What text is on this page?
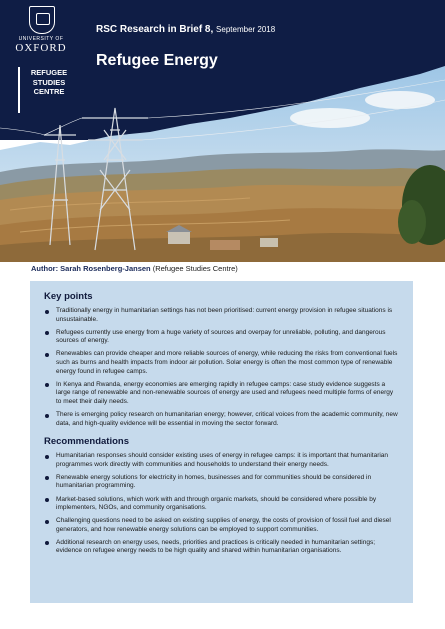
UNIVERSITY OF
OXFORD
REFUGEE
STUDIES
CENTRE
RSC Research in Brief 8, September 2018
Refugee Energy
Author: Sarah Rosenberg-Jansen (Refugee Studies Centre)
Key points
Traditionally energy in humanitarian settings has not been prioritised: current energy provision in refugee situations is unsustainable.
Refugees currently use energy from a huge variety of sources and overpay for unreliable, polluting, and dangerous sources of energy.
Renewables can provide cheaper and more reliable sources of energy, while reducing the risks from conventional fuels such as burns and health impacts from indoor air pollution. Solar energy is often the most common type of renewable energy found in refugee camps.
In Kenya and Rwanda, energy economies are emerging rapidly in refugee camps: case study evidence suggests a large range of renewable and non-renewable sources of energy are used and refugees need multiple forms of energy to meet their daily needs.
There is emerging policy research on humanitarian energy; however, critical voices from the academic community, new data, and high-quality evidence will be essential in moving the sector forward.
Recommendations
Humanitarian responses should consider existing uses of energy in refugee camps: it is important that humanitarian programmes work directly with communities and households to understand their energy needs.
Renewable energy solutions for electricity in homes, businesses and for communities should be considered in humanitarian programming.
Market-based solutions, which work with and through organic markets, should be considered where possible by implementers, NGOs, and community organisations.
Challenging questions need to be asked on existing supplies of energy, the costs of provision of fossil fuel and diesel generators, and how renewable energy solutions can be employed to support communities.
Additional research on energy uses, needs, priorities and practices is critically needed in humanitarian settings; evidence on refugee energy needs to be high quality and shared within humanitarian organisations.
